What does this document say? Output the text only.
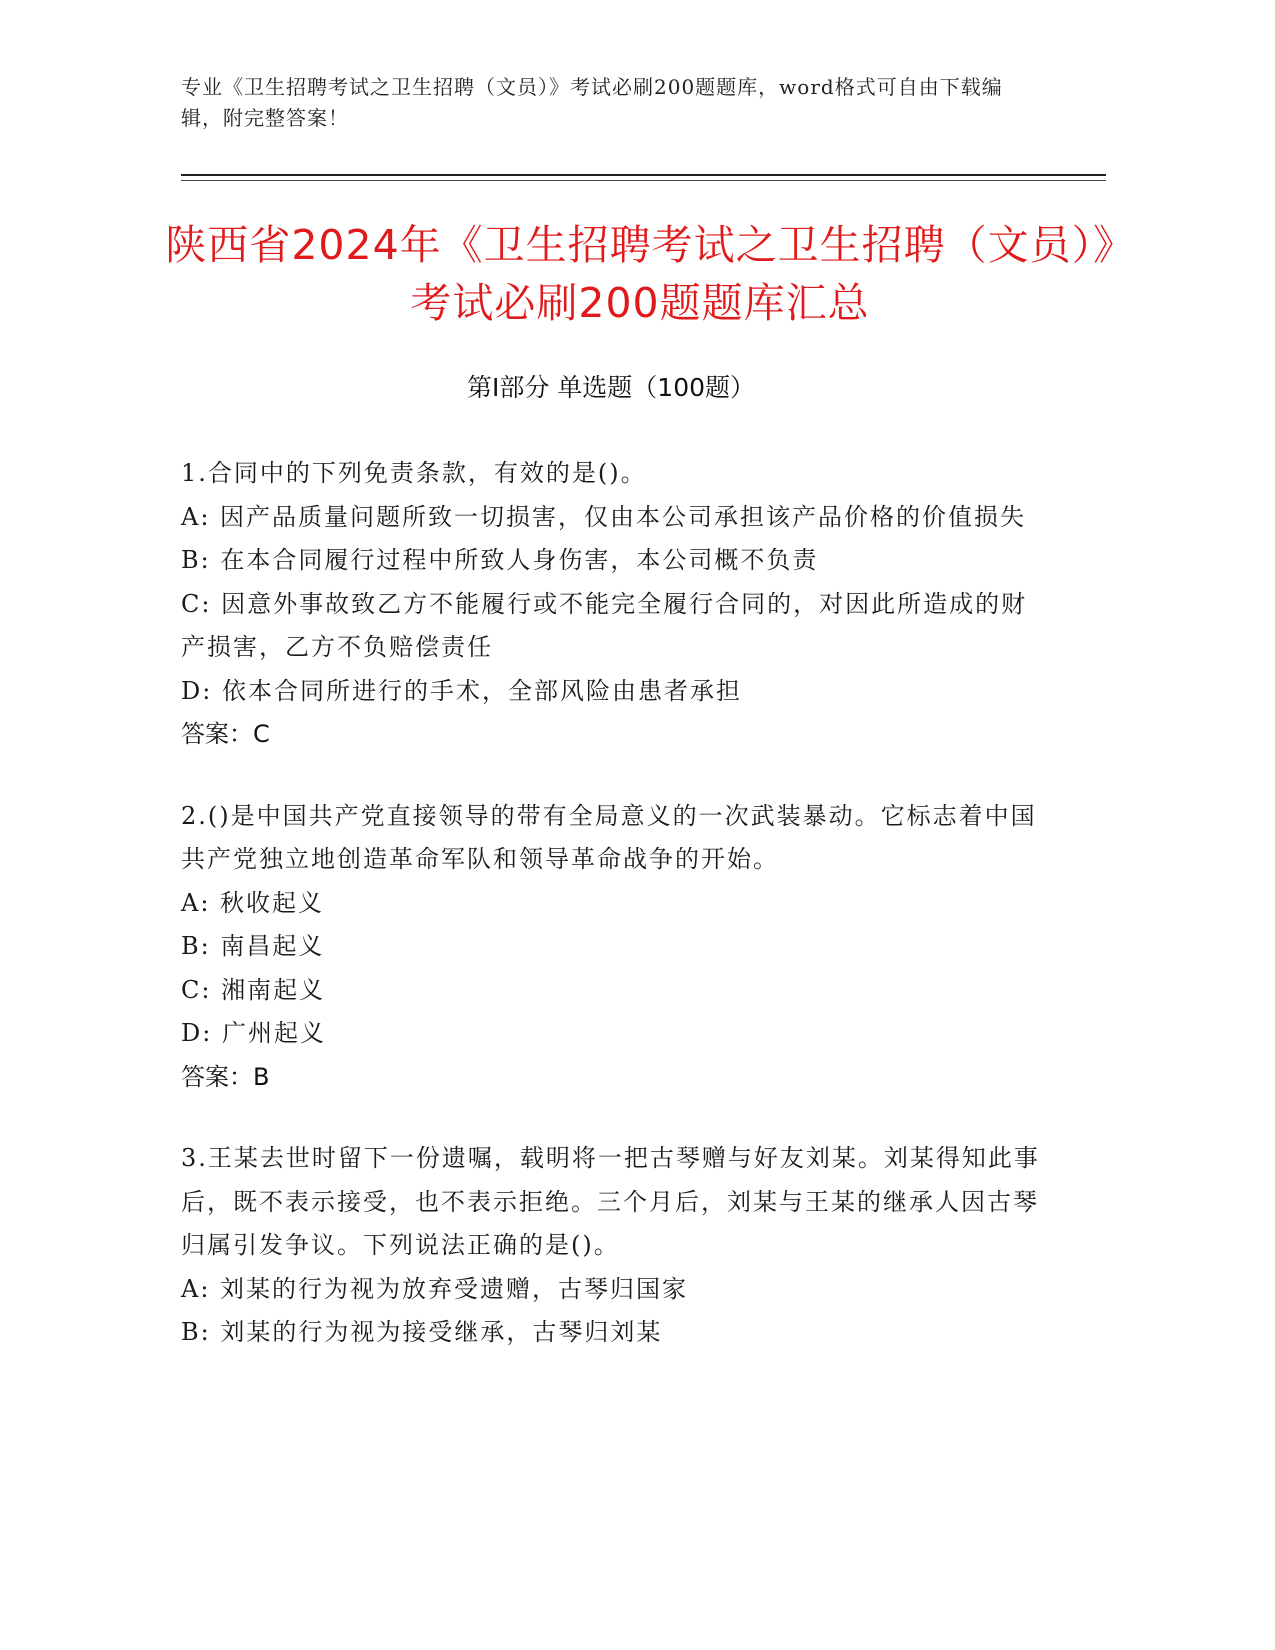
专业《卫生招聘考试之卫生招聘（文员）》考试必刷200题题库，word格式可自由下载编辑，附完整答案！
陕西省2024年《卫生招聘考试之卫生招聘（文员）》考试必刷200题题库汇总
第I部分 单选题（100题）

1.合同中的下列免责条款，有效的是()。

A: 因产品质量问题所致一切损害，仅由本公司承担该产品价格的价值损失

B: 在本合同履行过程中所致人身伤害，本公司概不负责

C: 因意外事故致乙方不能履行或不能完全履行合同的，对因此所造成的财产损害，乙方不负赔偿责任

D: 依本合同所进行的手术，全部风险由患者承担

答案：C

2.()是中国共产党直接领导的带有全局意义的一次武装暴动。它标志着中国共产党独立地创造革命军队和领导革命战争的开始。

A: 秋收起义

B: 南昌起义

C: 湘南起义

D: 广州起义

答案：B

3.王某去世时留下一份遗嘱，载明将一把古琴赠与好友刘某。刘某得知此事后，既不表示接受，也不表示拒绝。三个月后，刘某与王某的继承人因古琴归属引发争议。下列说法正确的是()。

A: 刘某的行为视为放弃受遗赠，古琴归国家

B: 刘某的行为视为接受继承，古琴归刘某
